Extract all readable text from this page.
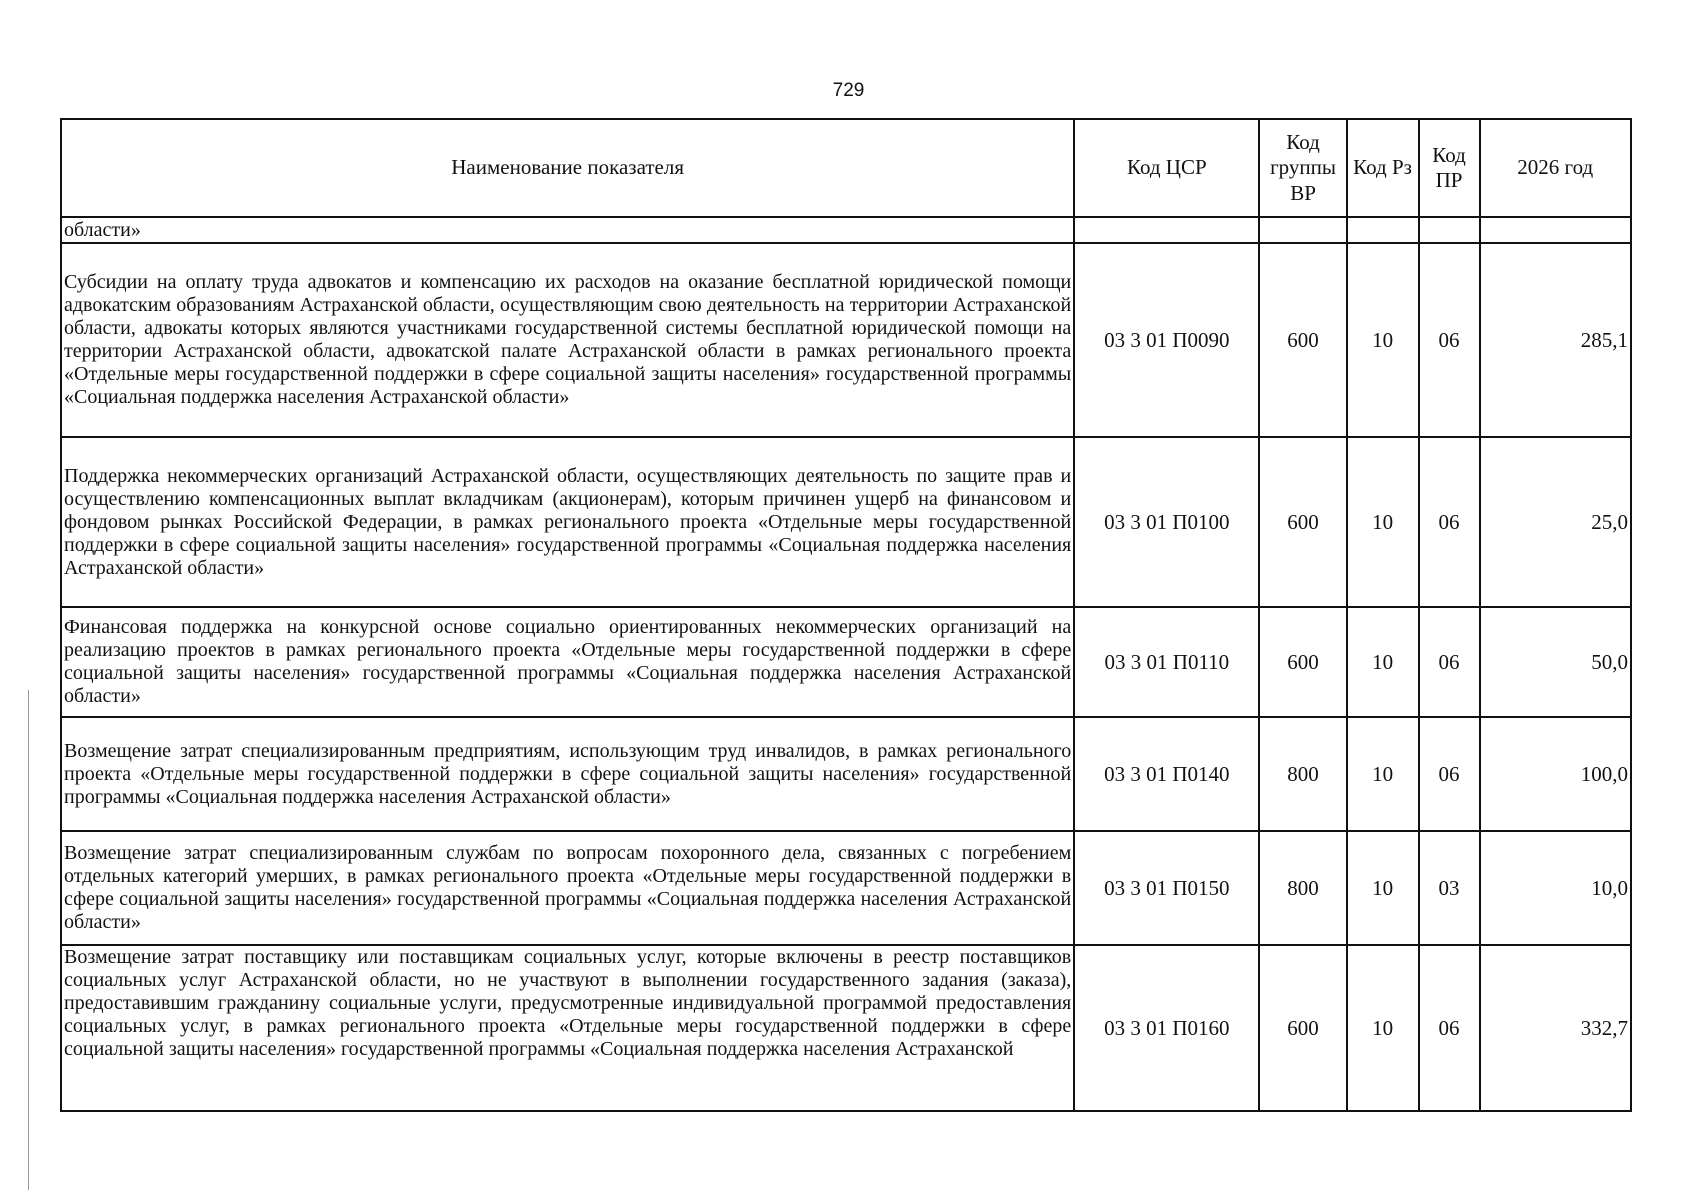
729
Наименование показателя	Код ЦСР	Код группы ВР	Код Рз	Код ПР	2026 год
области»					
Субсидии на оплату труда адвокатов и компенсацию их расходов на оказание бесплатной юридической помощи адвокатским образованиям Астраханской области, осуществляющим свою деятельность на территории Астраханской области, адвокаты которых являются участниками государственной системы бесплатной юридической помощи на территории Астраханской области, адвокатской палате Астраханской области в рамках регионального проекта «Отдельные меры государственной поддержки в сфере социальной защиты населения» государственной программы «Социальная поддержка населения Астраханской области»	03 3 01 П0090	600	10	06	285,1
Поддержка некоммерческих организаций Астраханской области, осуществляющих деятельность по защите прав и осуществлению компенсационных выплат вкладчикам (акционерам), которым причинен ущерб на финансовом и фондовом рынках Российской Федерации, в рамках регионального проекта «Отдельные меры государственной поддержки в сфере социальной защиты населения» государственной программы «Социальная поддержка населения Астраханской области»	03 3 01 П0100	600	10	06	25,0
Финансовая поддержка на конкурсной основе социально ориентированных некоммерческих организаций на реализацию проектов в рамках регионального проекта «Отдельные меры государственной поддержки в сфере социальной защиты населения» государственной программы «Социальная поддержка населения Астраханской области»	03 3 01 П0110	600	10	06	50,0
Возмещение затрат специализированным предприятиям, использующим труд инвалидов, в рамках регионального проекта «Отдельные меры государственной поддержки в сфере социальной защиты населения» государственной программы «Социальная поддержка населения Астраханской области»	03 3 01 П0140	800	10	06	100,0
Возмещение затрат специализированным службам по вопросам похоронного дела, связанных с погребением отдельных категорий умерших, в рамках регионального проекта «Отдельные меры государственной поддержки в сфере социальной защиты населения» государственной программы «Социальная поддержка населения Астраханской области»	03 3 01 П0150	800	10	03	10,0
Возмещение затрат поставщику или поставщикам социальных услуг, которые включены в реестр поставщиков социальных услуг Астраханской области, но не участвуют в выполнении государственного задания (заказа), предоставившим гражданину социальные услуги, предусмотренные индивидуальной программой предоставления социальных услуг, в рамках регионального проекта «Отдельные меры государственной поддержки в сфере социальной защиты населения» государственной программы «Социальная поддержка населения Астраханской	03 3 01 П0160	600	10	06	332,7
